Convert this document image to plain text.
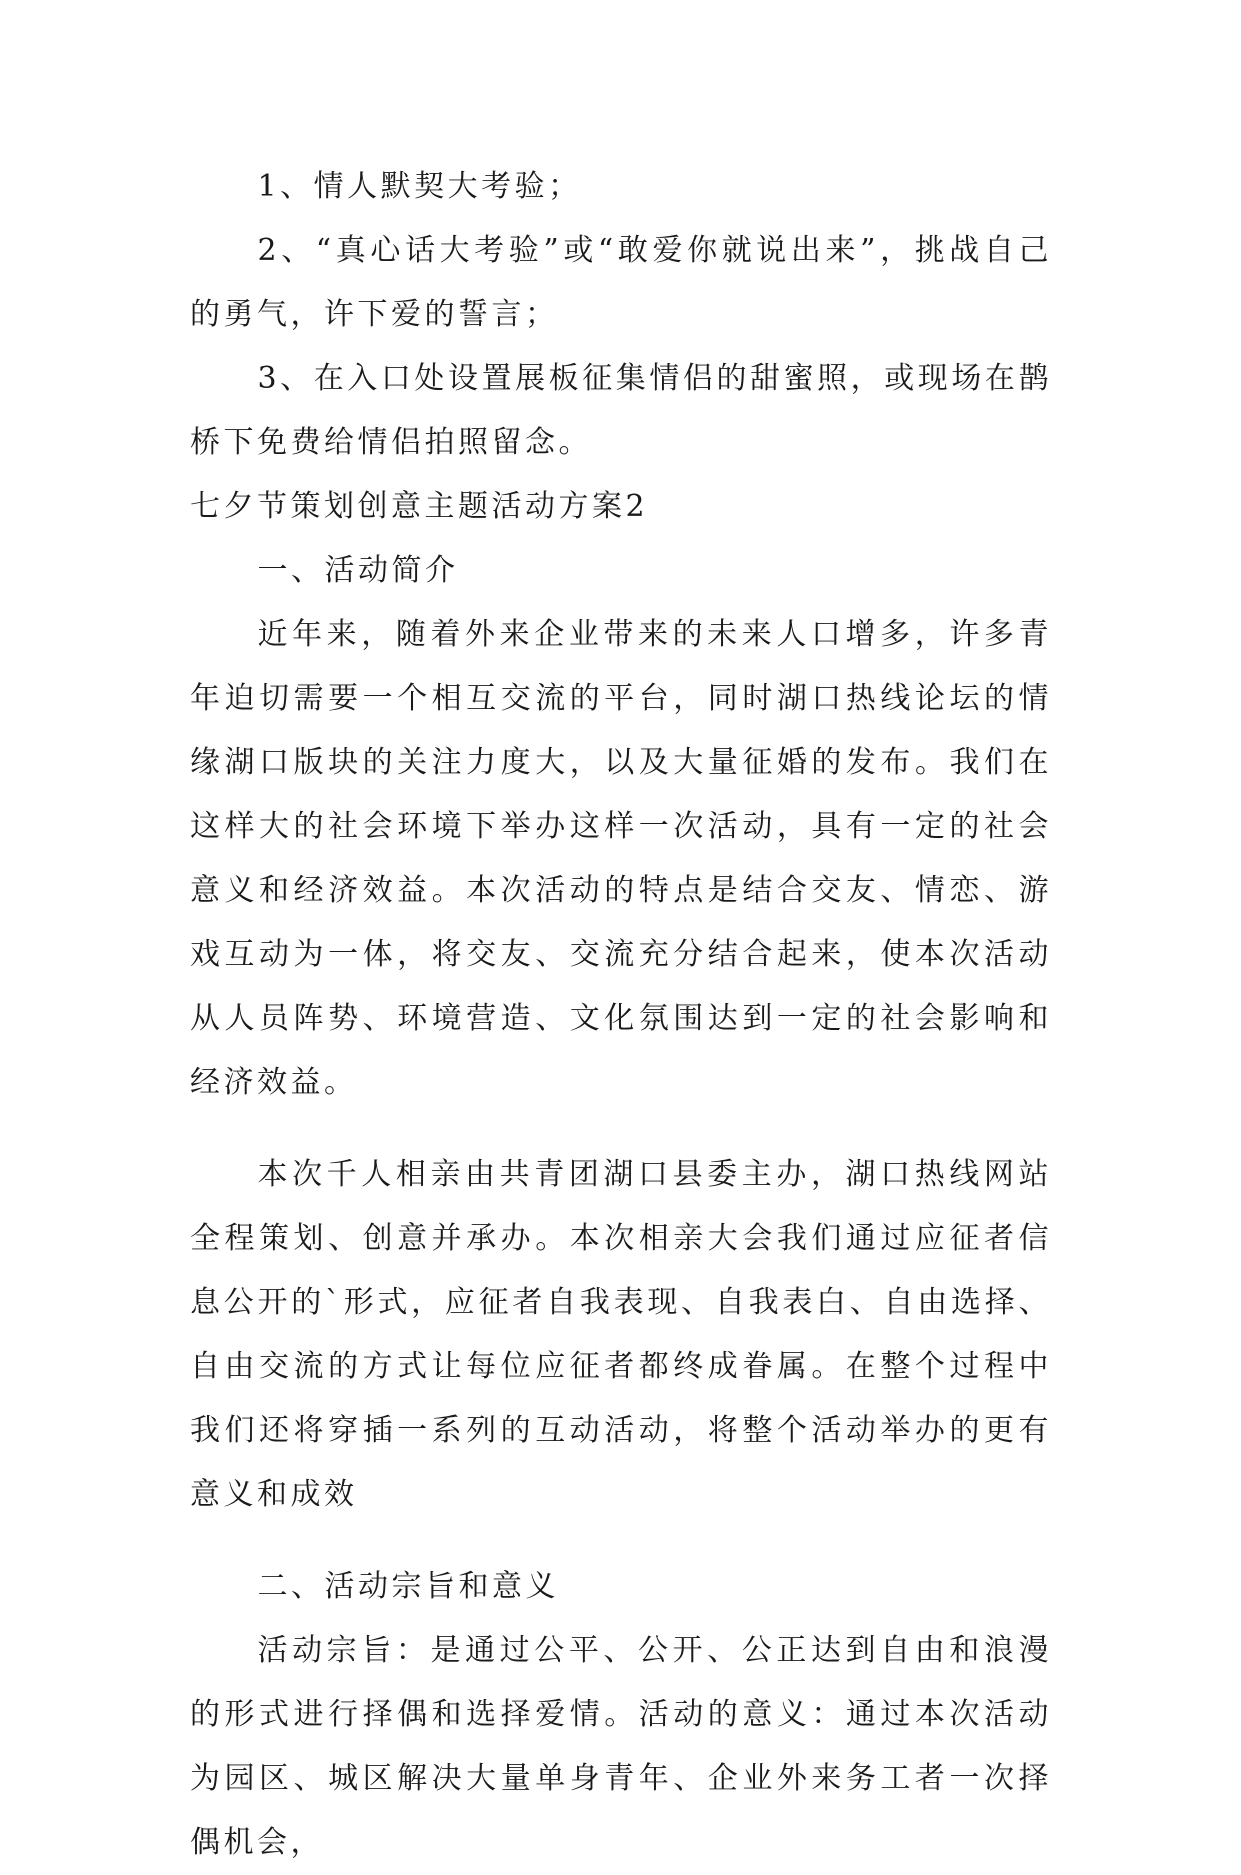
1、情人默契大考验；

2、“真心话大考验”或“敢爱你就说出来”，挑战自己的勇气，许下爱的誓言；

3、在入口处设置展板征集情侣的甜蜜照，或现场在鹊桥下免费给情侣拍照留念。

七夕节策划创意主题活动方案2

一、活动简介

近年来，随着外来企业带来的未来人口增多，许多青年迫切需要一个相互交流的平台，同时湖口热线论坛的情缘湖口版块的关注力度大，以及大量征婚的发布。我们在这样大的社会环境下举办这样一次活动，具有一定的社会意义和经济效益。本次活动的特点是结合交友、情恋、游戏互动为一体，将交友、交流充分结合起来，使本次活动从人员阵势、环境营造、文化氛围达到一定的社会影响和经济效益。

本次千人相亲由共青团湖口县委主办，湖口热线网站全程策划、创意并承办。本次相亲大会我们通过应征者信息公开的`形式，应征者自我表现、自我表白、自由选择、自由交流的方式让每位应征者都终成眷属。在整个过程中我们还将穿插一系列的互动活动，将整个活动举办的更有意义和成效

二、活动宗旨和意义

活动宗旨：是通过公平、公开、公正达到自由和浪漫的形式进行择偶和选择爱情。活动的意义：通过本次活动为园区、城区解决大量单身青年、企业外来务工者一次择偶机会，
